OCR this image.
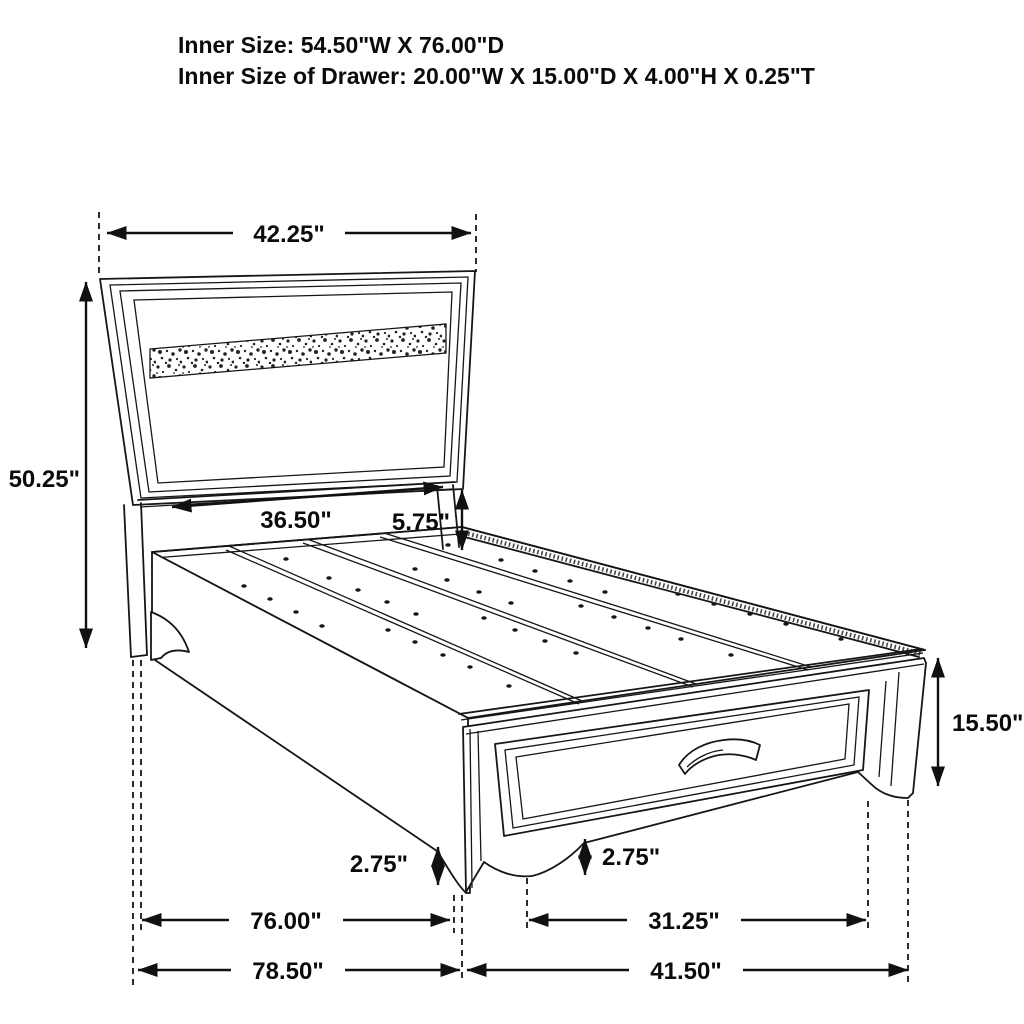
Inner Size: 54.50"W X 76.00"D
Inner Size of Drawer: 20.00"W X 15.00"D X 4.00"H X 0.25"T
42.25"
50.25"
36.50"	5.75"
15.50"
2.75"	2.75"
76.00"	31.25"
78.50"	41.50"
